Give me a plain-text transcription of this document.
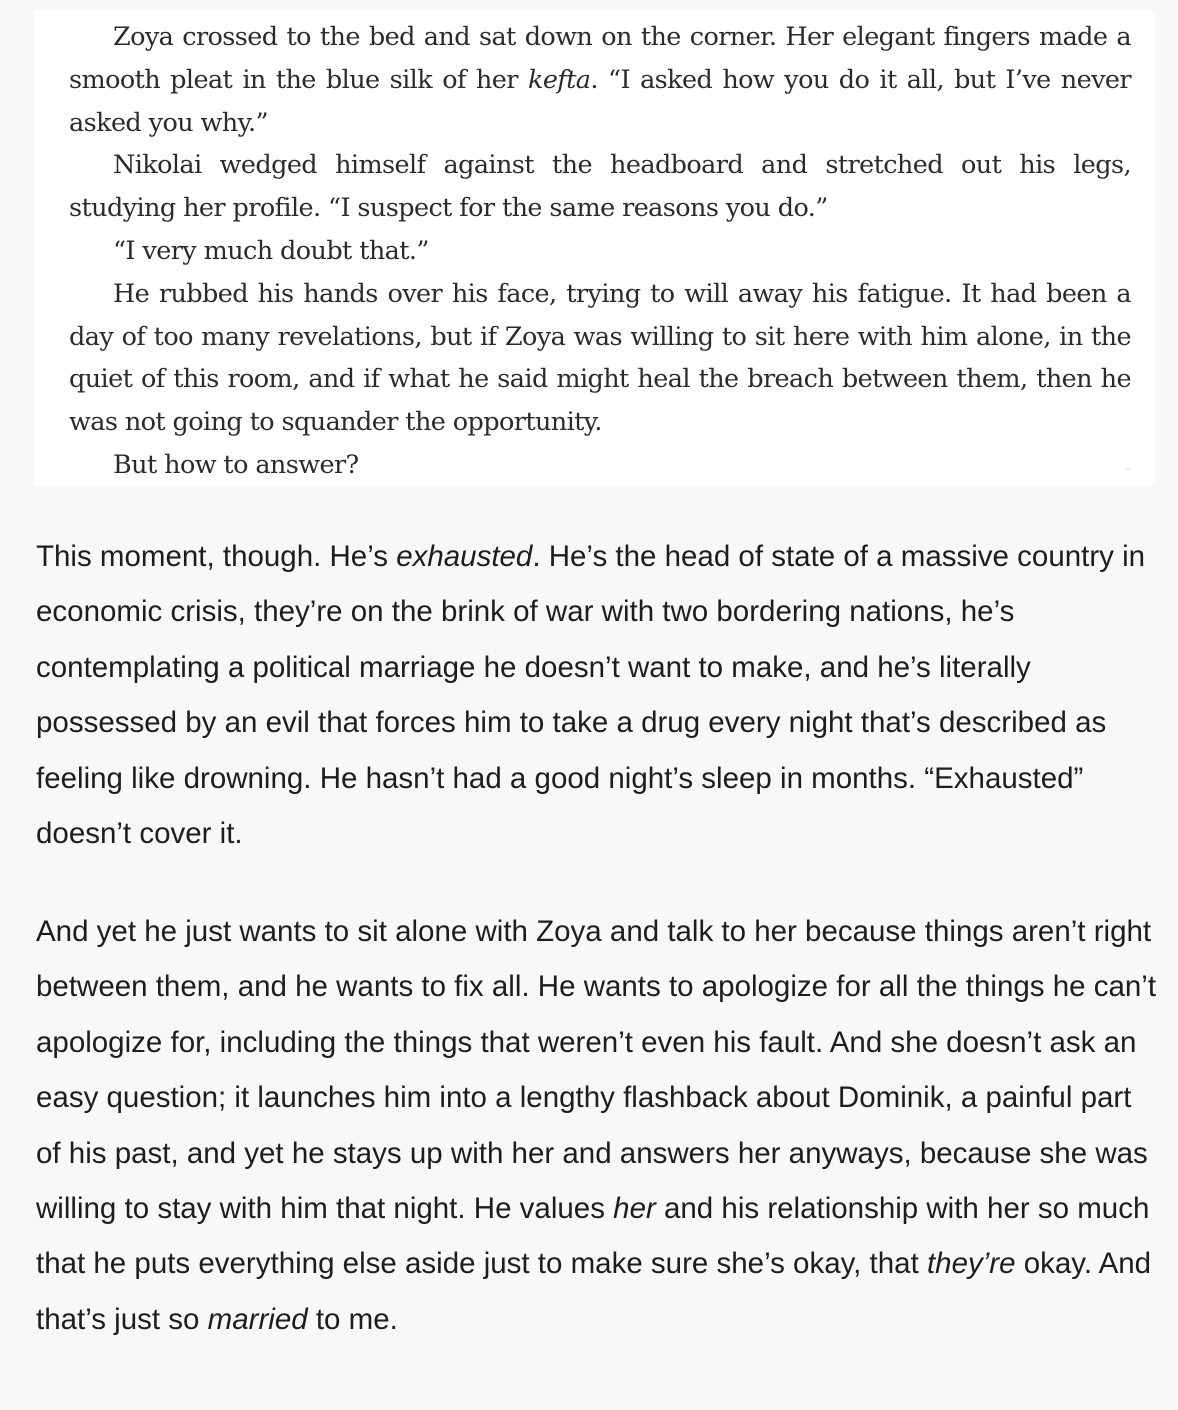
Zoya crossed to the bed and sat down on the corner. Her elegant fingers made a smooth pleat in the blue silk of her kefta. “I asked how you do it all, but I’ve never asked you why.”

Nikolai wedged himself against the headboard and stretched out his legs, studying her profile. “I suspect for the same reasons you do.”

“I very much doubt that.”

He rubbed his hands over his face, trying to will away his fatigue. It had been a day of too many revelations, but if Zoya was willing to sit here with him alone, in the quiet of this room, and if what he said might heal the breach between them, then he was not going to squander the opportunity.

But how to answer?

This moment, though. He’s exhausted. He’s the head of state of a massive country in economic crisis, they’re on the brink of war with two bordering nations, he’s contemplating a political marriage he doesn’t want to make, and he’s literally possessed by an evil that forces him to take a drug every night that’s described as feeling like drowning. He hasn’t had a good night’s sleep in months. “Exhausted” doesn’t cover it.

And yet he just wants to sit alone with Zoya and talk to her because things aren’t right between them, and he wants to fix all. He wants to apologize for all the things he can’t apologize for, including the things that weren’t even his fault. And she doesn’t ask an easy question; it launches him into a lengthy flashback about Dominik, a painful part of his past, and yet he stays up with her and answers her anyways, because she was willing to stay with him that night. He values her and his relationship with her so much that he puts everything else aside just to make sure she’s okay, that they’re okay. And that’s just so married to me.
